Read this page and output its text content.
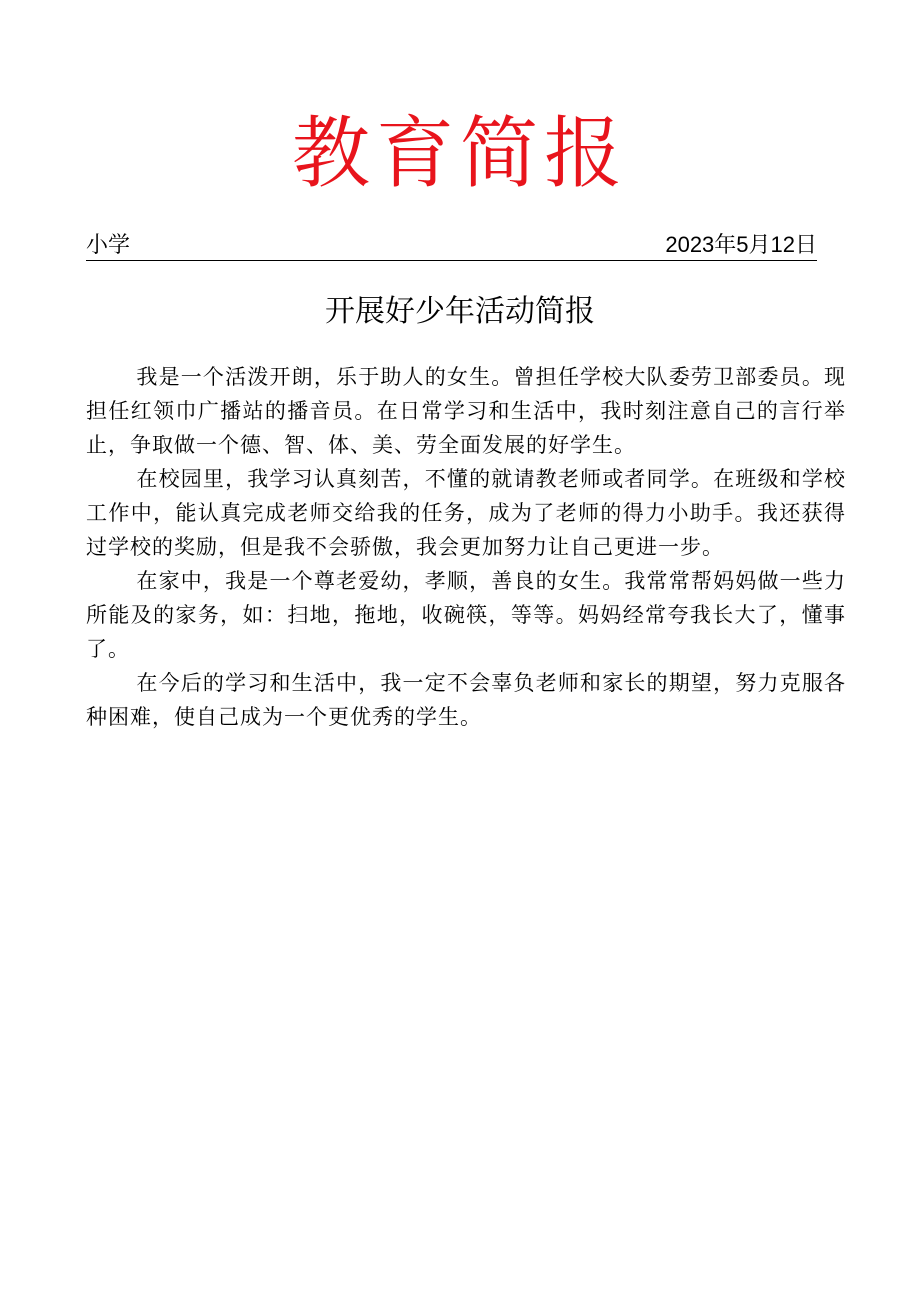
教育简报
小学	2023年5月12日
开展好少年活动简报

我是一个活泼开朗，乐于助人的女生。曾担任学校大队委劳卫部委员。现担任红领巾广播站的播音员。在日常学习和生活中，我时刻注意自己的言行举止，争取做一个德、智、体、美、劳全面发展的好学生。

在校园里，我学习认真刻苦，不懂的就请教老师或者同学。在班级和学校工作中，能认真完成老师交给我的任务，成为了老师的得力小助手。我还获得过学校的奖励，但是我不会骄傲，我会更加努力让自己更进一步。

在家中，我是一个尊老爱幼，孝顺，善良的女生。我常常帮妈妈做一些力所能及的家务，如：扫地，拖地，收碗筷，等等。妈妈经常夸我长大了，懂事了。

在今后的学习和生活中，我一定不会辜负老师和家长的期望，努力克服各种困难，使自己成为一个更优秀的学生。
